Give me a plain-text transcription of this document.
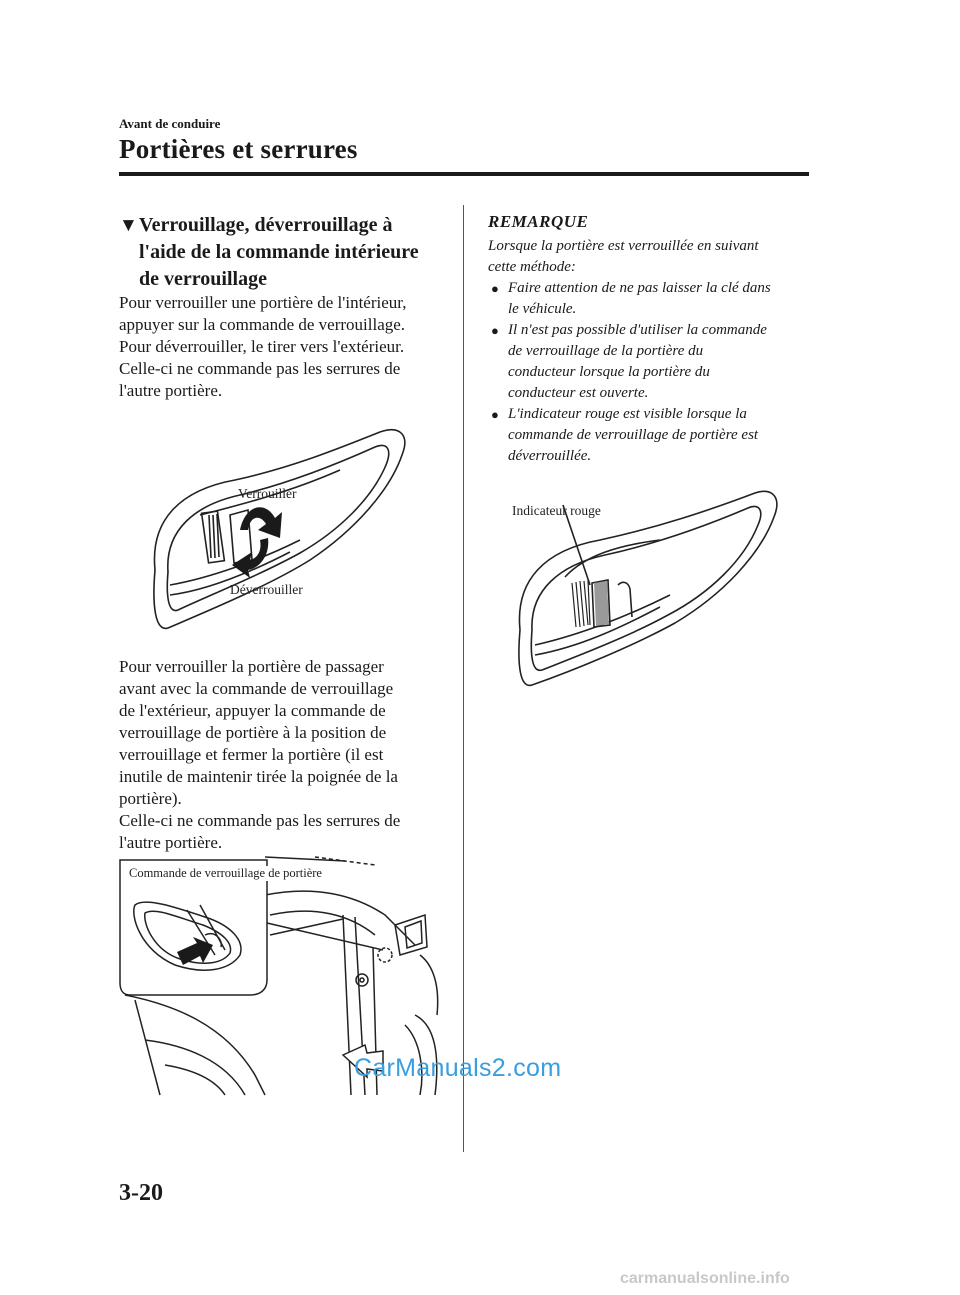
Avant de conduire
Portières et serrures
▼ Verrouillage, déverrouillage à
l'aide de la commande intérieure
de verrouillage
Pour verrouiller une portière de l'intérieur,
appuyer sur la commande de verrouillage.
Pour déverrouiller, le tirer vers l'extérieur.
Celle-ci ne commande pas les serrures de
l'autre portière.
Verrouiller
Déverrouiller
Pour verrouiller la portière de passager
avant avec la commande de verrouillage
de l'extérieur, appuyer la commande de
verrouillage de portière à la position de
verrouillage et fermer la portière (il est
inutile de maintenir tirée la poignée de la
portière).
Celle-ci ne commande pas les serrures de
l'autre portière.
Commande de verrouillage de portière
REMARQUE
Lorsque la portière est verrouillée en suivant
cette méthode:
● Faire attention de ne pas laisser la clé dans
le véhicule.
● Il n'est pas possible d'utiliser la commande
de verrouillage de la portière du
conducteur lorsque la portière du
conducteur est ouverte.
● L'indicateur rouge est visible lorsque la
commande de verrouillage de portière est
déverrouillée.
Indicateur rouge
3-20
CarManuals2.com
carmanualsonline.info
